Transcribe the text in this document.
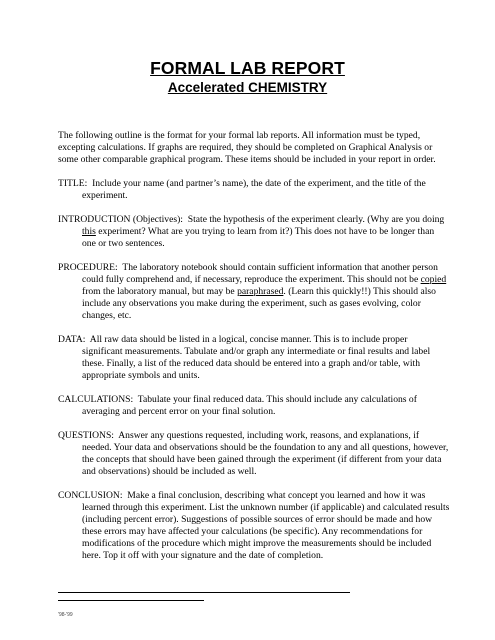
FORMAL LAB REPORT
Accelerated CHEMISTRY

The following outline is the format for your formal lab reports. All information must be typed, excepting calculations. If graphs are required, they should be completed on Graphical Analysis or some other comparable graphical program. These items should be included in your report in order.

TITLE: Include your name (and partner’s name), the date of the experiment, and the title of the experiment.

INTRODUCTION (Objectives): State the hypothesis of the experiment clearly. (Why are you doing this experiment? What are you trying to learn from it?) This does not have to be longer than one or two sentences.

PROCEDURE: The laboratory notebook should contain sufficient information that another person could fully comprehend and, if necessary, reproduce the experiment. This should not be copied from the laboratory manual, but may be paraphrased. (Learn this quickly!!) This should also include any observations you make during the experiment, such as gases evolving, color changes, etc.

DATA: All raw data should be listed in a logical, concise manner. This is to include proper significant measurements. Tabulate and/or graph any intermediate or final results and label these. Finally, a list of the reduced data should be entered into a graph and/or table, with appropriate symbols and units.

CALCULATIONS: Tabulate your final reduced data. This should include any calculations of averaging and percent error on your final solution.

QUESTIONS: Answer any questions requested, including work, reasons, and explanations, if needed. Your data and observations should be the foundation to any and all questions, however, the concepts that should have been gained through the experiment (if different from your data and observations) should be included as well.

CONCLUSION: Make a final conclusion, describing what concept you learned and how it was learned through this experiment. List the unknown number (if applicable) and calculated results (including percent error). Suggestions of possible sources of error should be made and how these errors may have affected your calculations (be specific). Any recommendations for modifications of the procedure which might improve the measurements should be included here. Top it off with your signature and the date of completion.

'98-'99
